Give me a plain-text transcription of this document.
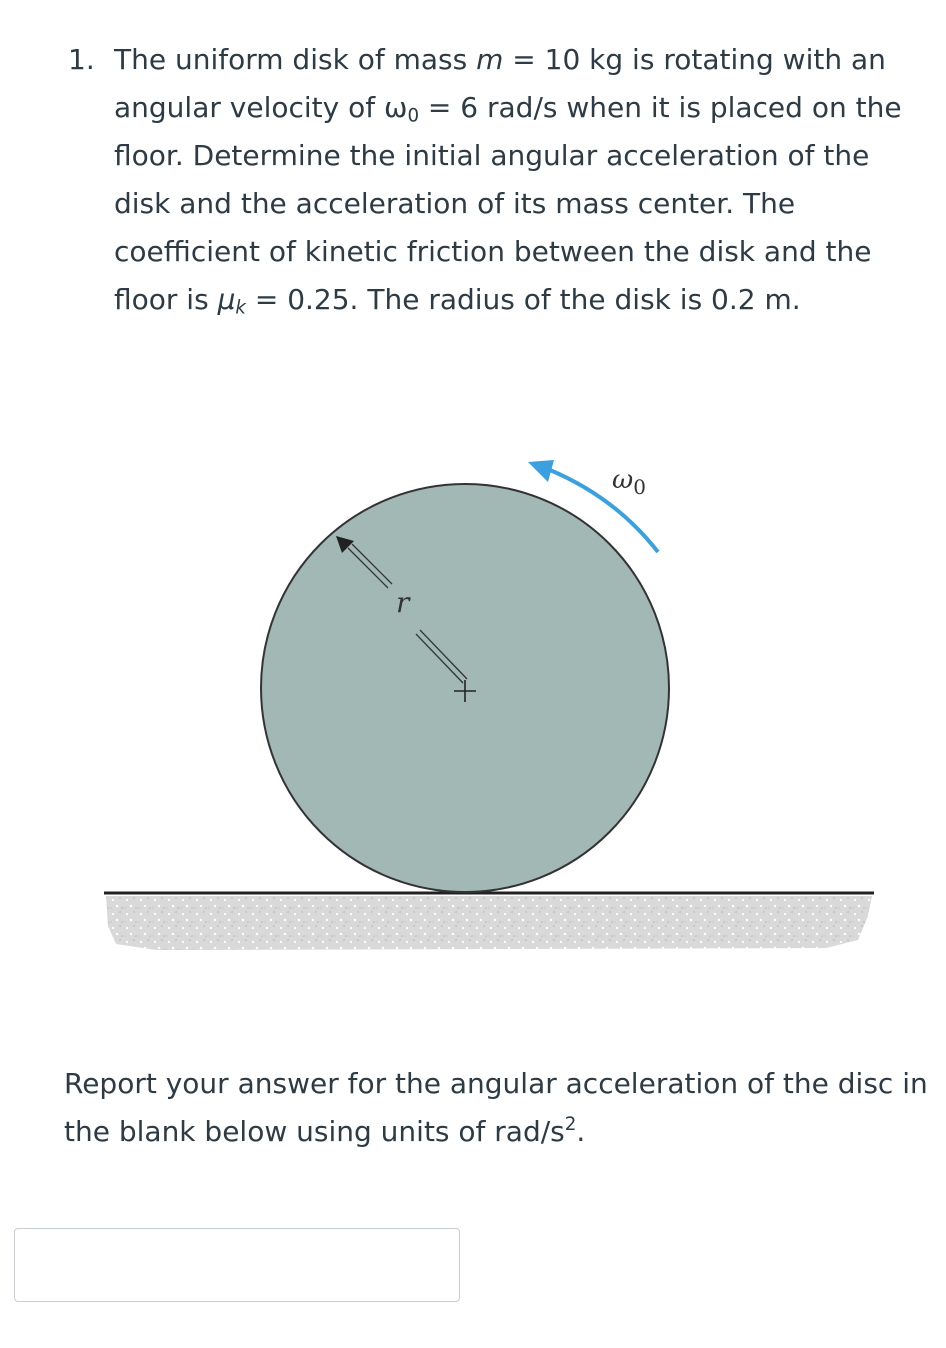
1. The uniform disk of mass m = 10 kg is rotating with an
angular velocity of $\omega_0 = 6$ rad/s when it is placed on the
floor. Determine the initial angular acceleration of the
disk and the acceleration of its mass center. The
coefficient of kinetic friction between the disk and the
floor is $\mu_k = 0.25$. The radius of the disk is 0.2 m.
r
$\omega_0$
Report your answer for the angular acceleration of the disc in
the blank below using units of rad/$s^2$.
